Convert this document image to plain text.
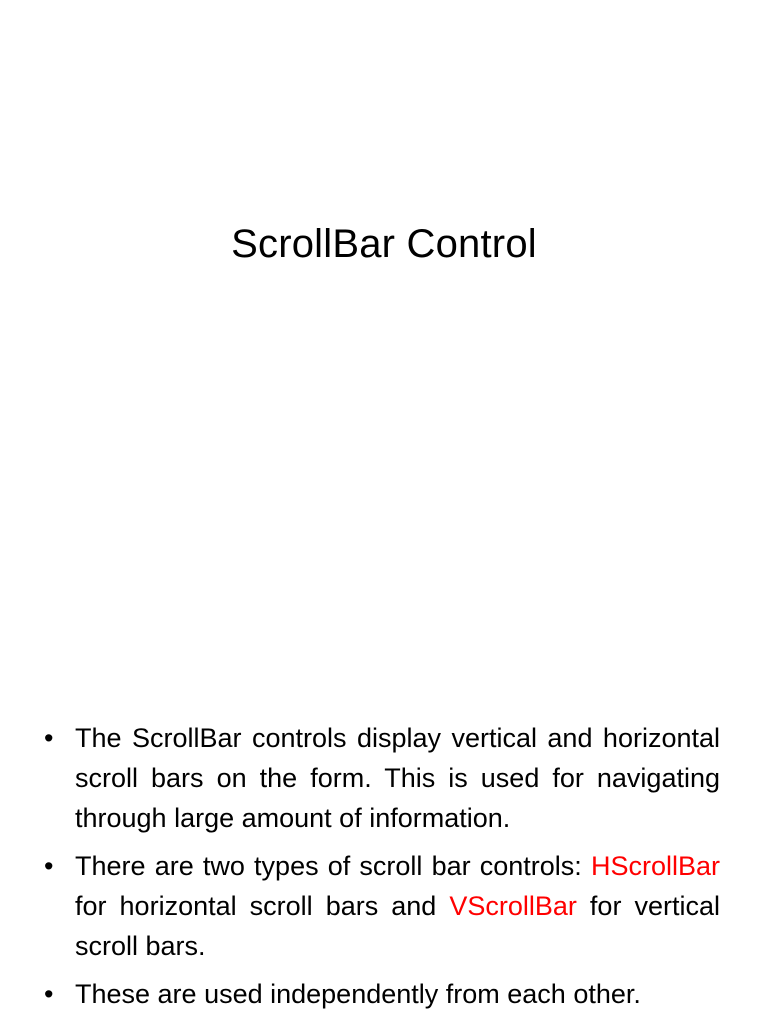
ScrollBar Control
• The ScrollBar controls display vertical and horizontal scroll bars on the form. This is used for navigating through large amount of information.
• There are two types of scroll bar controls: HScrollBar for horizontal scroll bars and VScrollBar for vertical scroll bars.
• These are used independently from each other.
